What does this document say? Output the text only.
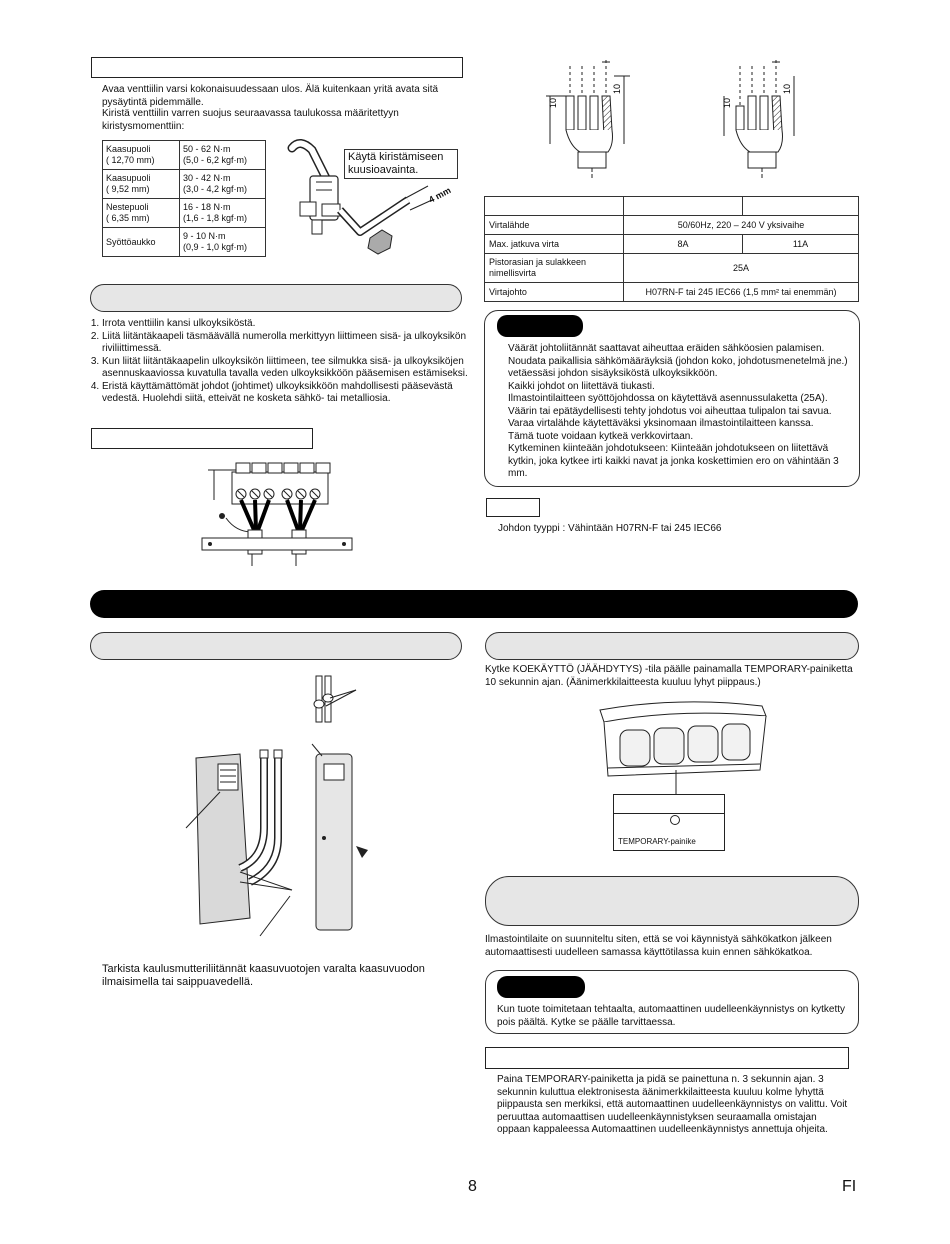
Avaa venttiilin varsi kokonaisuudessaan ulos. Älä kuitenkaan yritä avata sitä pysäytintä pidemmälle.
Kiristä venttiilin varren suojus seuraavassa taulukossa määritettyyn kiristysmomenttiin:
Kaasupuoli
( 12,70 mm)	50 - 62 N·m
(5,0 - 6,2 kgf·m)
Kaasupuoli
( 9,52 mm)	30 - 42 N·m
(3,0 - 4,2 kgf·m)
Nestepuoli
( 6,35 mm)	16 - 18 N·m
(1,6 - 1,8 kgf·m)
Syöttöaukko	9 - 10 N·m
(0,9 - 1,0 kgf·m)
Käytä kiristämiseen kuusioavainta.
4 mm
1. Irrota venttiilin kansi ulkoyksiköstä.
2. Liitä liitäntäkaapeli täsmäävällä numerolla merkittyyn liittimeen sisä- ja ulkoyksikön riviliittimessä.
3. Kun liität liitäntäkaapelin ulkoyksikön liittimeen, tee silmukka sisä- ja ulkoyksiköjen asennuskaaviossa kuvatulla tavalla veden ulkoyksikköön pääsemisen estämiseksi.
4. Eristä käyttämättömät johdot (johtimet) ulkoyksikköön mahdollisesti pääsevästä vedestä. Huolehdi siitä, etteivät ne kosketa sähkö- tai metalliosia.
10
10
10
10

Virtalähde	50/60Hz, 220 – 240 V yksivaihe	
Max. jatkuva virta	8A	11A
Pistorasian ja sulakkeen nimellisvirta	25A	
Virtajohto	H07RN-F tai 245 IEC66 (1,5 mm² tai enemmän)	
Väärät johtoliitännät saattavat aiheuttaa eräiden sähköosien palamisen.
Noudata paikallisia sähkömääräyksiä (johdon koko, johdotusmenetelmä jne.) vetäessäsi johdon sisäyksiköstä ulkoyksikköön.
Kaikki johdot on liitettävä tiukasti.
Ilmastointilaitteen syöttöjohdossa on käytettävä asennussulaketta (25A).
Väärin tai epätäydellisesti tehty johdotus voi aiheuttaa tulipalon tai savua.
Varaa virtalähde käytettäväksi yksinomaan ilmastointilaitteen kanssa.
Tämä tuote voidaan kytkeä verkkovirtaan.
Kytkeminen kiinteään johdotukseen: Kiinteään johdotukseen on liitettävä kytkin, joka kytkee irti kaikki navat ja jonka koskettimien ero on vähintään 3 mm.
Johdon tyyppi : Vähintään H07RN-F tai 245 IEC66
Tarkista kaulusmutteriliitännät kaasuvuotojen varalta kaasuvuodon ilmaisimella tai saippuavedellä.
Kytke KOEKÄYTTÖ (JÄÄHDYTYS) -tila päälle painamalla TEMPORARY-painiketta 10 sekunnin ajan. (Äänimerkkilaitteesta kuuluu lyhyt piippaus.)
TEMPORARY-painike
Ilmastointilaite on suunniteltu siten, että se voi käynnistyä sähkökatkon jälkeen automaattisesti uudelleen samassa käyttötilassa kuin ennen sähkökatkoa.
Kun tuote toimitetaan tehtaalta, automaattinen uudelleenkäynnistys on kytketty pois päältä. Kytke se päälle tarvittaessa.
Paina TEMPORARY-painiketta ja pidä se painettuna n. 3 sekunnin ajan. 3 sekunnin kuluttua elektronisesta äänimerkkilaitteesta kuuluu kolme lyhyttä piippausta sen merkiksi, että automaattinen uudelleenkäynnistys on valittu. Voit peruuttaa automaattisen uudelleenkäynnistyksen seuraamalla omistajan oppaan kappaleessa Automaattinen uudelleenkäynnistys annettuja ohjeita.
8	FI
